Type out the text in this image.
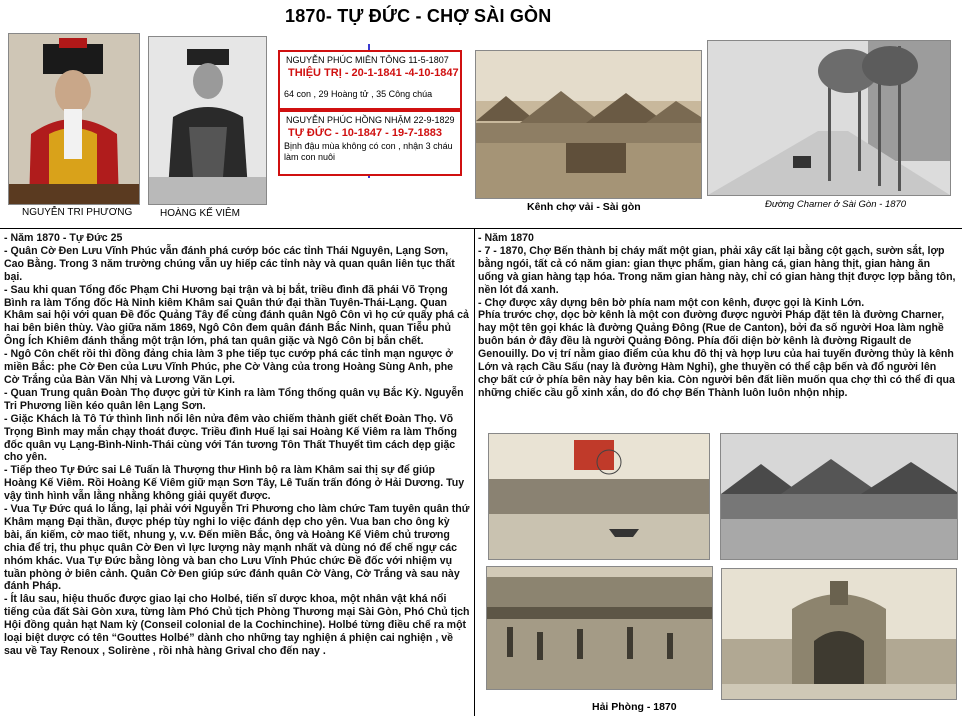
1870- TỰ ĐỨC - CHỢ SÀI GÒN
NGUYỄN TRI PHƯƠNG	HOÀNG KẾ VIÊM
NGUYỄN PHÚC MIÊN TÔNG 11-5-1807
THIỆU TRỊ - 20-1-1841 -4-10-1847
64 con , 29 Hoàng tử , 35 Công chúa
NGUYỄN PHÚC HỒNG NHẬM 22-9-1829
TỰ ĐỨC - 10-1847 - 19-7-1883
Bịnh đậu mùa không có con , nhận 3 cháu làm con nuôi
Kênh chợ vải - Sài gòn	Đường Charner ở Sài Gòn - 1870

- Năm 1870 - Tự Đức 25

- Quân Cờ Đen Lưu Vĩnh Phúc vẫn đánh phá cướp bóc các tỉnh Thái Nguyên, Lạng Sơn, Cao Bằng. Trong 3 năm trường chúng vẫn uy hiếp các tỉnh này và quan quân liên tục thất bại.

- Sau khi quan Tổng đốc Phạm Chi Hương bại trận và bị bắt, triều đình đã phái Võ Trọng Bình ra làm Tổng đốc Hà Ninh kiêm Khâm sai Quân thứ đại thần Tuyên-Thái-Lạng. Quan Khâm sai hội với quan Đề đốc Quảng Tây để cùng đánh quân Ngô Côn vì họ cứ quấy phá cả hai bên biên thùy. Vào giữa năm 1869, Ngô Côn đem quân đánh Bắc Ninh, quan Tiễu phủ Ông Ích Khiêm đánh thắng một trận lớn, phá tan quân giặc và Ngô Côn bị bắn chết.

- Ngô Côn chết rồi thì đồng đảng chia làm 3 phe tiếp tục cướp phá các tỉnh mạn ngược ở miền Bắc: phe Cờ Đen của Lưu Vĩnh Phúc, phe Cờ Vàng của trong Hoàng Sùng Anh, phe Cờ Trắng của Bàn Văn Nhị và Lương Văn Lợi.

- Quan Trung quân Đoàn Thọ được gửi từ Kinh ra làm Tổng thống quân vụ Bắc Kỳ. Nguyễn Tri Phương liền kéo quân lên Lạng Sơn.

- Giặc Khách là Tô Tứ thình lình nổi lên nửa đêm vào chiếm thành giết chết Đoàn Thọ. Võ Trọng Bình may mắn chạy thoát được. Triều đình Huế lại sai Hoàng Kế Viêm ra làm Thống đốc quân vụ Lạng-Bình-Ninh-Thái cùng với Tán tương Tôn Thất Thuyết tìm cách dẹp giặc cho yên.

- Tiếp theo Tự Đức sai Lê Tuấn là Thượng thư Hình bộ ra làm Khâm sai thị sự để giúp Hoàng Kế Viêm. Rồi Hoàng Kế Viêm giữ mạn Sơn Tây, Lê Tuấn trấn đóng ở Hải Dương. Tuy vậy tình hình vẫn lằng nhằng không giải quyết được.

- Vua Tự Đức quá lo lắng, lại phải với Nguyễn Tri Phương cho làm chức Tam tuyên quân thứ Khâm mạng Đại thần, được phép tùy nghi lo việc đánh dẹp cho yên. Vua ban cho ông kỳ bài, ấn kiếm, cờ mao tiết, nhung y, v.v. Đến miền Bắc, ông và Hoàng Kế Viêm chủ trương chia để trị, thu phục quân Cờ Đen vì lực lượng này mạnh nhất và dùng nó để chế ngự các nhóm khác. Vua Tự Đức bằng lòng và ban cho Lưu Vĩnh Phúc chức Đề đốc với nhiệm vụ tuần phòng ở biên cảnh. Quân Cờ Đen giúp sức đánh quân Cờ Vàng, Cờ Trắng và sau này đánh Pháp.

- Ít lâu sau, hiệu thuốc được giao lại cho Holbé, tiến sĩ dược khoa, một nhân vật khá nổi tiếng của đất Sài Gòn xưa, từng làm Phó Chủ tịch Phòng Thương mại Sài Gòn, Phó Chủ tịch Hội đồng quản hạt Nam kỳ (Conseil colonial de la Cochinchine). Holbé từng điều chế ra một loại biệt dược có tên “Gouttes Holbé” dành cho những tay nghiện á phiện cai nghiện , về sau về Tay Renoux , Solirène , rồi nhà hàng Grival cho đến nay .

- Năm 1870

- 7 - 1870, Chợ Bến thành bị cháy mất một gian, phải xây cất lại bằng cột gạch, sườn sắt, lợp bằng ngói, tất cả có năm gian: gian thực phẩm, gian hàng cá, gian hàng thịt, gian hàng ăn uống và gian hàng tạp hóa. Trong năm gian hàng này, chỉ có gian hàng thịt được lợp bằng tôn, nền lót đá xanh.

- Chợ được xây dựng bên bờ phía nam một con kênh, được gọi là Kinh Lớn.

Phía trước chợ, dọc bờ kênh là một con đường được người Pháp đặt tên là đường Charner, hay một tên gọi khác là đường Quảng Đông (Rue de Canton), bởi đa số người Hoa làm nghề buôn bán ở đây đều là người Quảng Đông. Phía đối diện bờ kênh là đường Rigault de Genouilly. Do vị trí nằm giao điểm của khu đô thị và hợp lưu của hai tuyến đường thủy là kênh Lớn và rạch Cầu Sấu (nay là đường Hàm Nghi), ghe thuyền có thể cập bến và đổ người lên chợ bất cứ ở phía bên này hay bên kia. Còn người bên đất liền muốn qua chợ thì có thể đi qua những chiếc cầu gỗ xinh xắn, do đó chợ Bến Thành luôn luôn nhộn nhịp.

Hải Phòng - 1870
